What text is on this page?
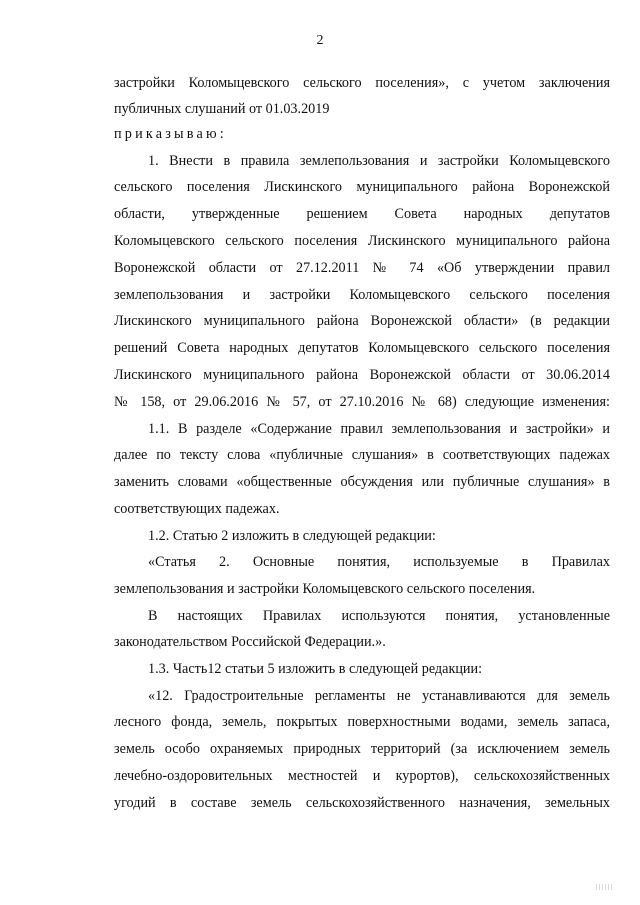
2
застройки Коломыцевского сельского поселения», с учетом заключения
публичных слушаний от 01.03.2019
приказываю:
1. Внести в правила землепользования и застройки Коломыцевского
сельского поселения Лискинского муниципального района Воронежской
области, утвержденные решением Совета народных депутатов
Коломыцевского сельского поселения Лискинского муниципального района
Воронежской области от 27.12.2011 № 74 «Об утверждении правил
землепользования и застройки Коломыцевского сельского поселения
Лискинского муниципального района Воронежской области» (в редакции
решений Совета народных депутатов Коломыцевского сельского поселения
Лискинского муниципального района Воронежской области от 30.06.2014
№ 158, от 29.06.2016 № 57, от 27.10.2016 № 68) следующие изменения:
1.1. В разделе «Содержание правил землепользования и застройки» и
далее по тексту слова «публичные слушания» в соответствующих падежах
заменить словами «общественные обсуждения или публичные слушания» в
соответствующих падежах.
1.2. Статью 2 изложить в следующей редакции:
«Статья 2. Основные понятия, используемые в Правилах
землепользования и застройки Коломыцевского сельского поселения.
В настоящих Правилах используются понятия, установленные
законодательством Российской Федерации.».
1.3. Часть12 статьи 5 изложить в следующей редакции:
«12. Градостроительные регламенты не устанавливаются для земель
лесного фонда, земель, покрытых поверхностными водами, земель запаса,
земель особо охраняемых природных территорий (за исключением земель
лечебно-оздоровительных местностей и курортов), сельскохозяйственных
угодий в составе земель сельскохозяйственного назначения, земельных
